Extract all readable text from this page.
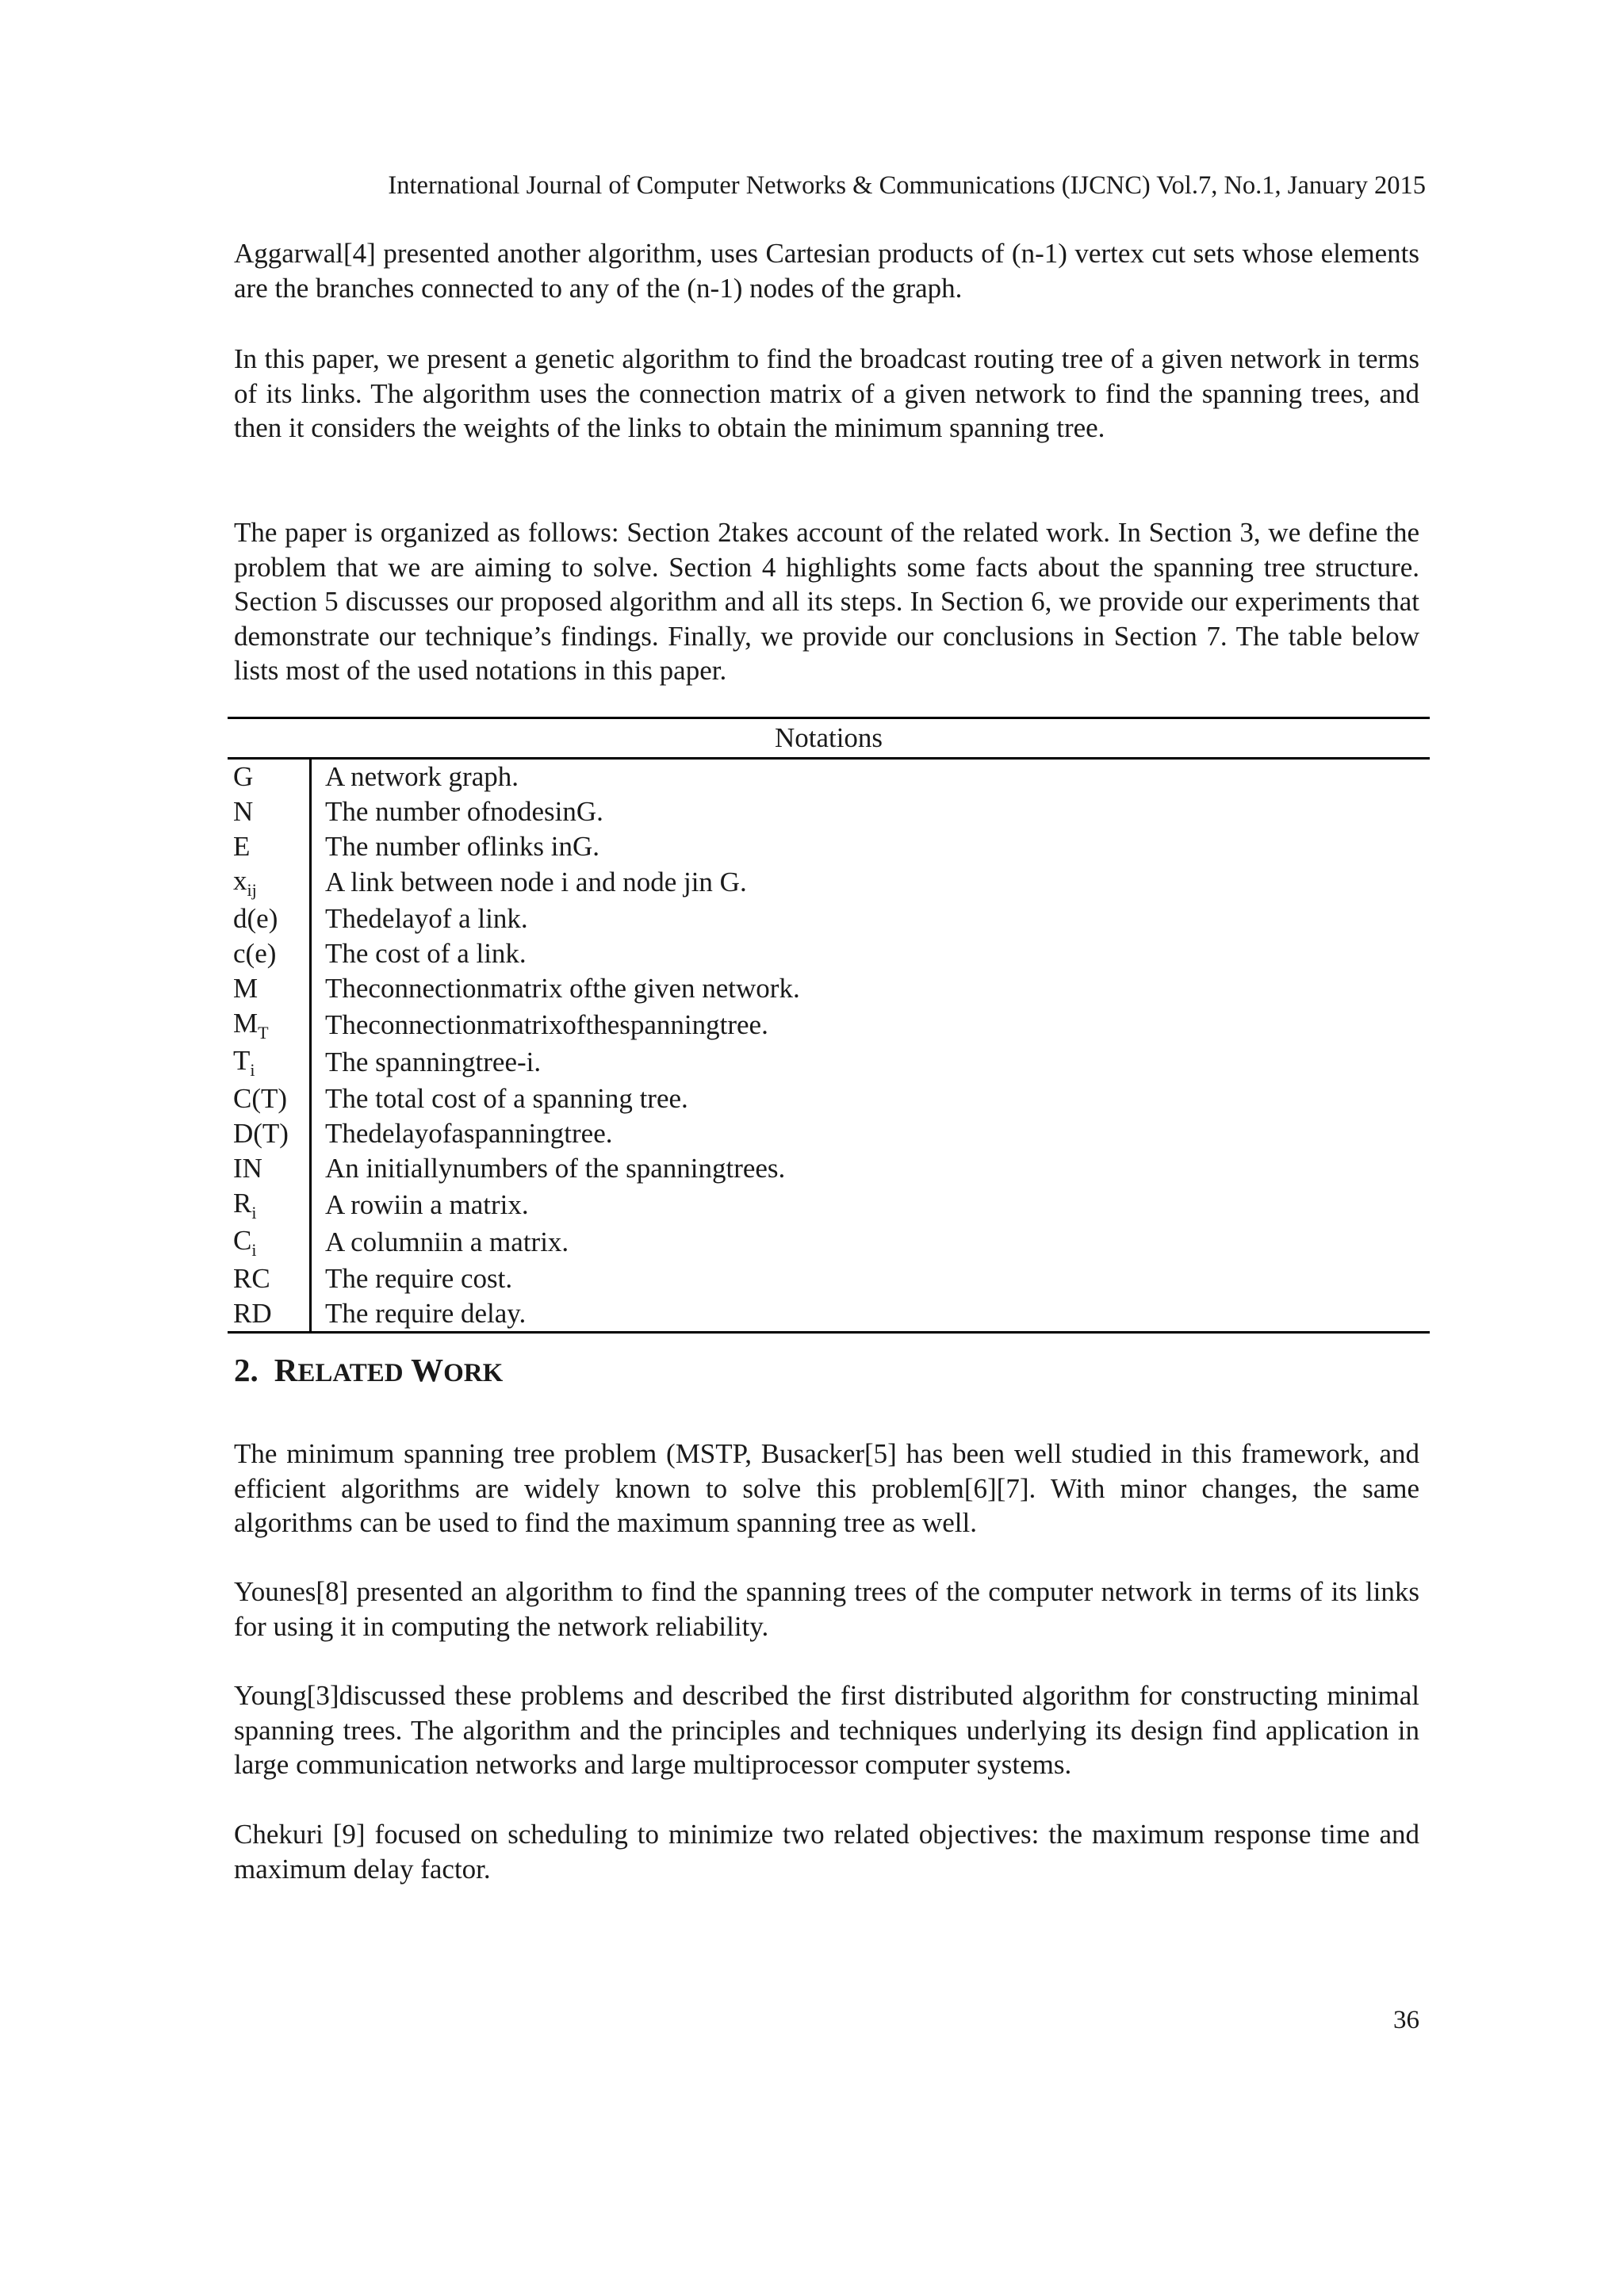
International Journal of Computer Networks & Communications (IJCNC) Vol.7, No.1, January 2015

Aggarwal[4] presented another algorithm, uses Cartesian products of (n-1) vertex cut sets whose elements are the branches connected to any of the (n-1) nodes of the graph.

In this paper, we present a genetic algorithm to find the broadcast routing tree of a given network in terms of its links. The algorithm uses the connection matrix of a given network to find the spanning trees, and then it considers the weights of the links to obtain the minimum spanning tree.

The paper is organized as follows: Section 2takes account of the related work. In Section 3, we define the problem that we are aiming to solve. Section 4 highlights some facts about the spanning tree structure. Section 5 discusses our proposed algorithm and all its steps. In Section 6, we provide our experiments that demonstrate our technique’s findings. Finally, we provide our conclusions in Section 7. The table below lists most of the used notations in this paper.

Notations	
G	A network graph.
N	The number ofnodesinG.
E	The number oflinks inG.
$x_{ij}$	A link between node i and node jin G.
d(e)	Thedelayof a link.
c(e)	The cost of a link.
M	Theconnectionmatrix ofthe given network.
$M_T$	Theconnectionmatrixofthespanningtree.
$T_i$	The spanningtree-i.
C(T)	The total cost of a spanning tree.
D(T)	Thedelayofaspanningtree.
IN	An initiallynumbers of the spanningtrees.
$R_i$	A rowiin a matrix.
$C_i$	A columniin a matrix.
RC	The require cost.
RD	The require delay.
2. RELATED WORK

The minimum spanning tree problem (MSTP, Busacker[5] has been well studied in this framework, and efficient algorithms are widely known to solve this problem[6][7]. With minor changes, the same algorithms can be used to find the maximum spanning tree as well.

Younes[8] presented an algorithm to find the spanning trees of the computer network in terms of its links for using it in computing the network reliability.

Young[3]discussed these problems and described the first distributed algorithm for constructing minimal spanning trees. The algorithm and the principles and techniques underlying its design find application in large communication networks and large multiprocessor computer systems.

Chekuri [9] focused on scheduling to minimize two related objectives: the maximum response time and maximum delay factor.

36
